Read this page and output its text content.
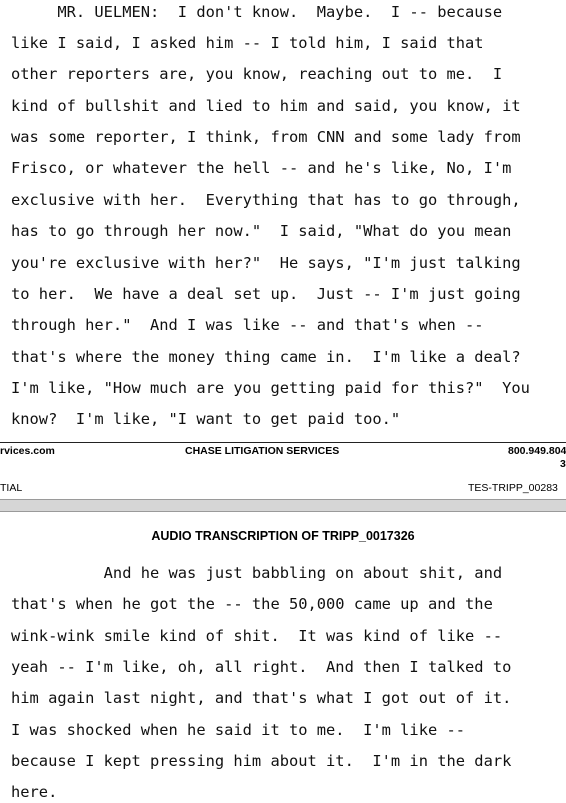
MR. UELMEN:  I don't know.  Maybe.  I -- because
like I said, I asked him -- I told him, I said that
other reporters are, you know, reaching out to me.  I
kind of bullshit and lied to him and said, you know, it
was some reporter, I think, from CNN and some lady from
Frisco, or whatever the hell -- and he's like, No, I'm
exclusive with her.  Everything that has to go through,
has to go through her now."  I said, "What do you mean
you're exclusive with her?"  He says, "I'm just talking
to her.  We have a deal set up.  Just -- I'm just going
through her."  And I was like -- and that's when --
that's where the money thing came in.  I'm like a deal?
I'm like, "How much are you getting paid for this?"  You
know?  I'm like, "I want to get paid too."
rvices.com	CHASE LITIGATION SERVICES	800.949.804
3
TIAL	TES-TRIPP_00283
AUDIO TRANSCRIPTION OF TRIPP_0017326
And he was just babbling on about shit, and
that's when he got the -- the 50,000 came up and the
wink-wink smile kind of shit.  It was kind of like --
yeah -- I'm like, oh, all right.  And then I talked to
him again last night, and that's what I got out of it.
I was shocked when he said it to me.  I'm like --
because I kept pressing him about it.  I'm in the dark
here.
